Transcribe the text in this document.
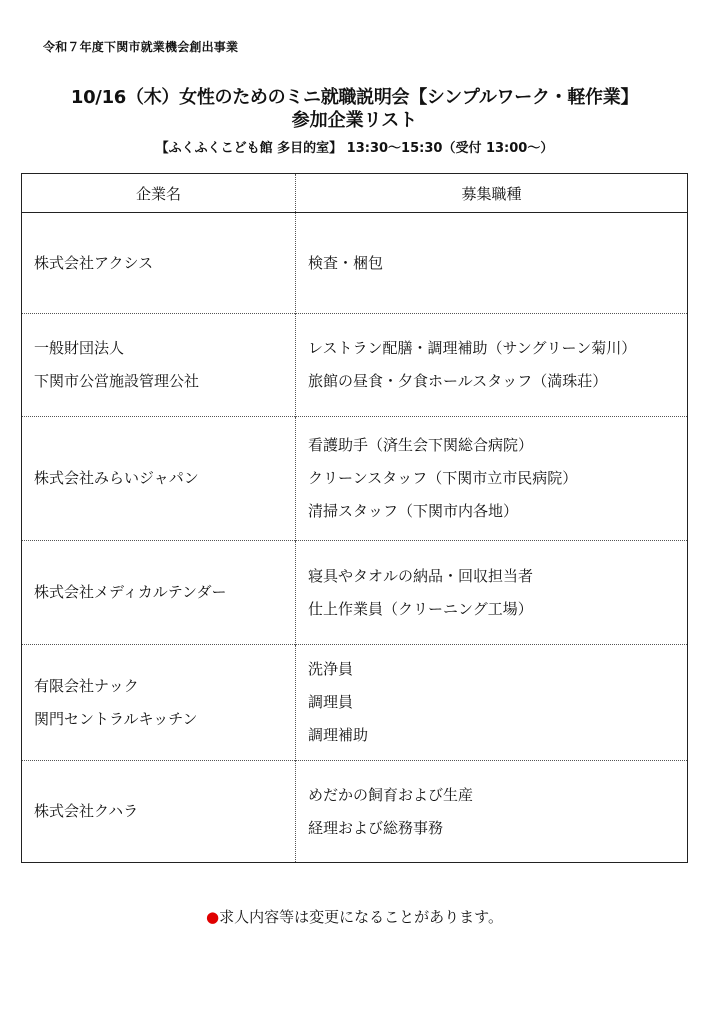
令和７年度下関市就業機会創出事業
10/16（木）女性のためのミニ就職説明会【シンプルワーク・軽作業】
参加企業リスト
【ふくふくこども館 多目的室】 13:30～15:30（受付 13:00～）
企業名	募集職種

株式会社アクシス	検査・梱包

一般財団法人
下関市公営施設管理公社	レストラン配膳・調理補助（サングリーン菊川）
旅館の昼食・夕食ホールスタッフ（満珠荘）

株式会社みらいジャパン	看護助手（済生会下関総合病院）
クリーンスタッフ（下関市立市民病院）
清掃スタッフ（下関市内各地）

株式会社メディカルテンダー	寝具やタオルの納品・回収担当者
仕上作業員（クリーニング工場）

有限会社ナック
関門セントラルキッチン	洗浄員
調理員
調理補助

株式会社クハラ	めだかの飼育および生産
経理および総務事務
●求人内容等は変更になることがあります。
